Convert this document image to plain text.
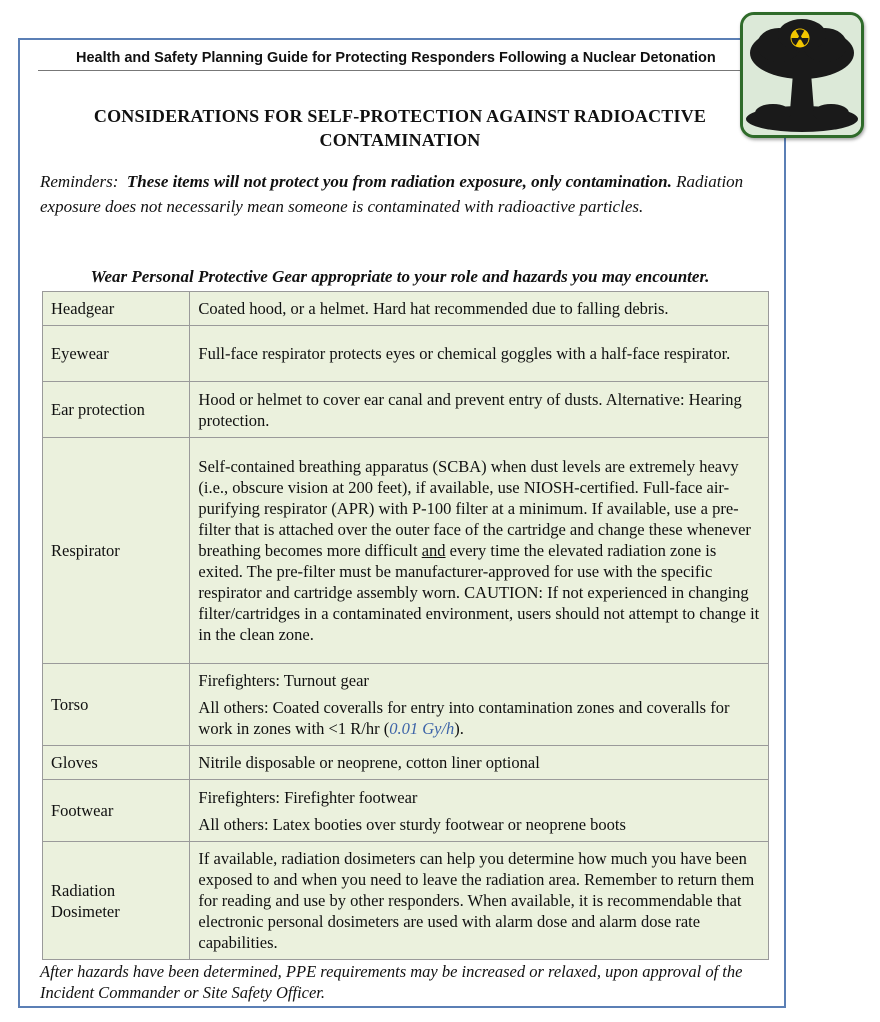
Health and Safety Planning Guide for Protecting Responders Following a Nuclear Detonation
CONSIDERATIONS FOR SELF-PROTECTION AGAINST RADIOACTIVE CONTAMINATION
Reminders: These items will not protect you from radiation exposure, only contamination. Radiation exposure does not necessarily mean someone is contaminated with radioactive particles.
Wear Personal Protective Gear appropriate to your role and hazards you may encounter.
Headgear	Coated hood, or a helmet. Hard hat recommended due to falling debris.
Eyewear	Full-face respirator protects eyes or chemical goggles with a half-face respirator.
Ear protection	Hood or helmet to cover ear canal and prevent entry of dusts. Alternative: Hearing protection.
Respirator	Self-contained breathing apparatus (SCBA) when dust levels are extremely heavy (i.e., obscure vision at 200 feet), if available, use NIOSH-certified. Full-face air-purifying respirator (APR) with P-100 filter at a minimum. If available, use a pre-filter that is attached over the outer face of the cartridge and change these whenever breathing becomes more difficult and every time the elevated radiation zone is exited. The pre-filter must be manufacturer-approved for use with the specific respirator and cartridge assembly worn. CAUTION: If not experienced in changing filter/cartridges in a contaminated environment, users should not attempt to change it in the clean zone.
Torso	Firefighters: Turnout gear
All others: Coated coveralls for entry into contamination zones and coveralls for work in zones with <1 R/hr (0.01 Gy/h).

Gloves	Nitrile disposable or neoprene, cotton liner optional
Footwear	Firefighters: Firefighter footwear
All others: Latex booties over sturdy footwear or neoprene boots

Radiation
Dosimeter	If available, radiation dosimeters can help you determine how much you have been exposed to and when you need to leave the radiation area. Remember to return them for reading and use by other responders. When available, it is recommendable that electronic personal dosimeters are used with alarm dose and alarm dose rate capabilities.
After hazards have been determined, PPE requirements may be increased or relaxed, upon approval of the Incident Commander or Site Safety Officer.
